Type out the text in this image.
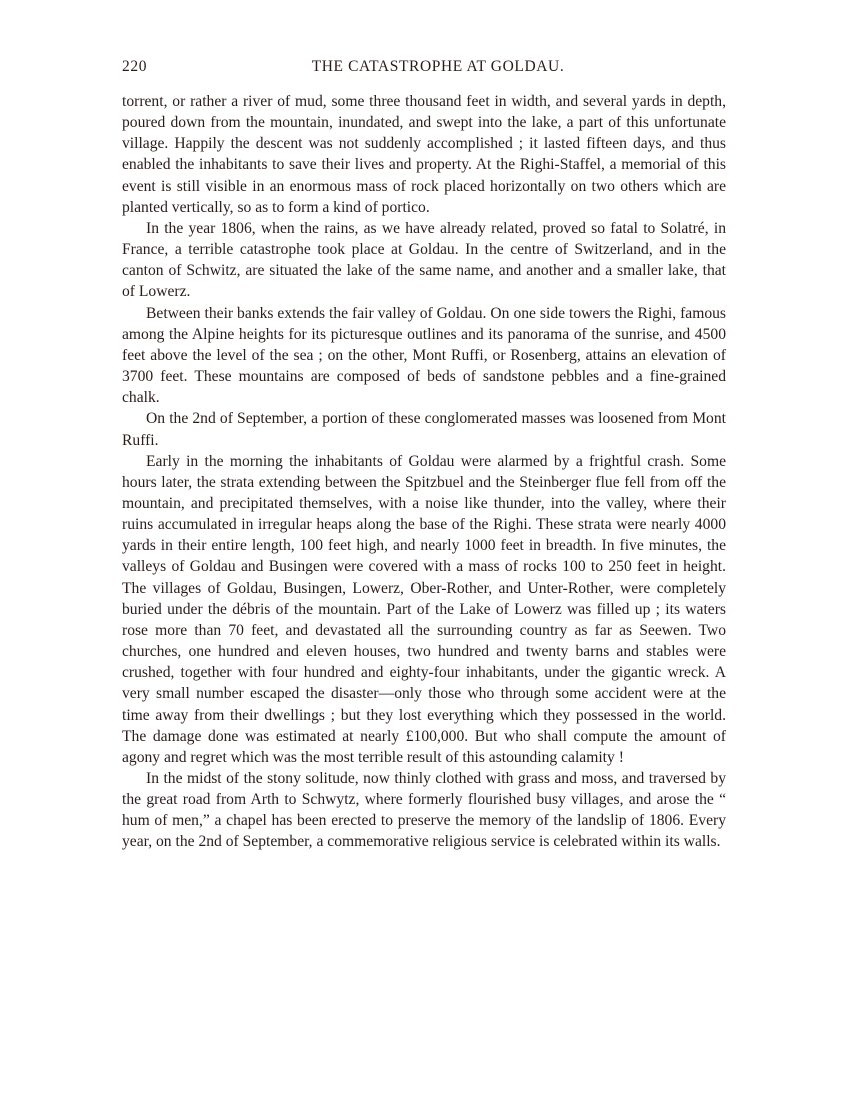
220	THE CATASTROPHE AT GOLDAU.

torrent, or rather a river of mud, some three thousand feet in width, and several yards in depth, poured down from the mountain, inundated, and swept into the lake, a part of this unfortunate village. Happily the descent was not suddenly accomplished ; it lasted fifteen days, and thus enabled the inhabitants to save their lives and property. At the Righi-Staffel, a memorial of this event is still visible in an enormous mass of rock placed horizontally on two others which are planted vertically, so as to form a kind of portico.

In the year 1806, when the rains, as we have already related, proved so fatal to Solatré, in France, a terrible catastrophe took place at Goldau. In the centre of Switzerland, and in the canton of Schwitz, are situated the lake of the same name, and another and a smaller lake, that of Lowerz.

Between their banks extends the fair valley of Goldau. On one side towers the Righi, famous among the Alpine heights for its picturesque outlines and its panorama of the sunrise, and 4500 feet above the level of the sea ; on the other, Mont Ruffi, or Rosenberg, attains an elevation of 3700 feet. These mountains are composed of beds of sandstone pebbles and a fine-grained chalk.

On the 2nd of September, a portion of these conglomerated masses was loosened from Mont Ruffi.

Early in the morning the inhabitants of Goldau were alarmed by a frightful crash. Some hours later, the strata extending between the Spitzbuel and the Steinberger flue fell from off the mountain, and precipitated themselves, with a noise like thunder, into the valley, where their ruins accumulated in irregular heaps along the base of the Righi. These strata were nearly 4000 yards in their entire length, 100 feet high, and nearly 1000 feet in breadth. In five minutes, the valleys of Goldau and Busingen were covered with a mass of rocks 100 to 250 feet in height. The villages of Goldau, Busingen, Lowerz, Ober-Rother, and Unter-Rother, were completely buried under the débris of the mountain. Part of the Lake of Lowerz was filled up ; its waters rose more than 70 feet, and devastated all the surrounding country as far as Seewen. Two churches, one hundred and eleven houses, two hundred and twenty barns and stables were crushed, together with four hundred and eighty-four inhabitants, under the gigantic wreck. A very small number escaped the disaster—only those who through some accident were at the time away from their dwellings ; but they lost everything which they possessed in the world. The damage done was estimated at nearly £100,000. But who shall compute the amount of agony and regret which was the most terrible result of this astounding calamity !

In the midst of the stony solitude, now thinly clothed with grass and moss, and traversed by the great road from Arth to Schwytz, where formerly flourished busy villages, and arose the “ hum of men,” a chapel has been erected to preserve the memory of the landslip of 1806. Every year, on the 2nd of September, a commemorative religious service is celebrated within its walls.
